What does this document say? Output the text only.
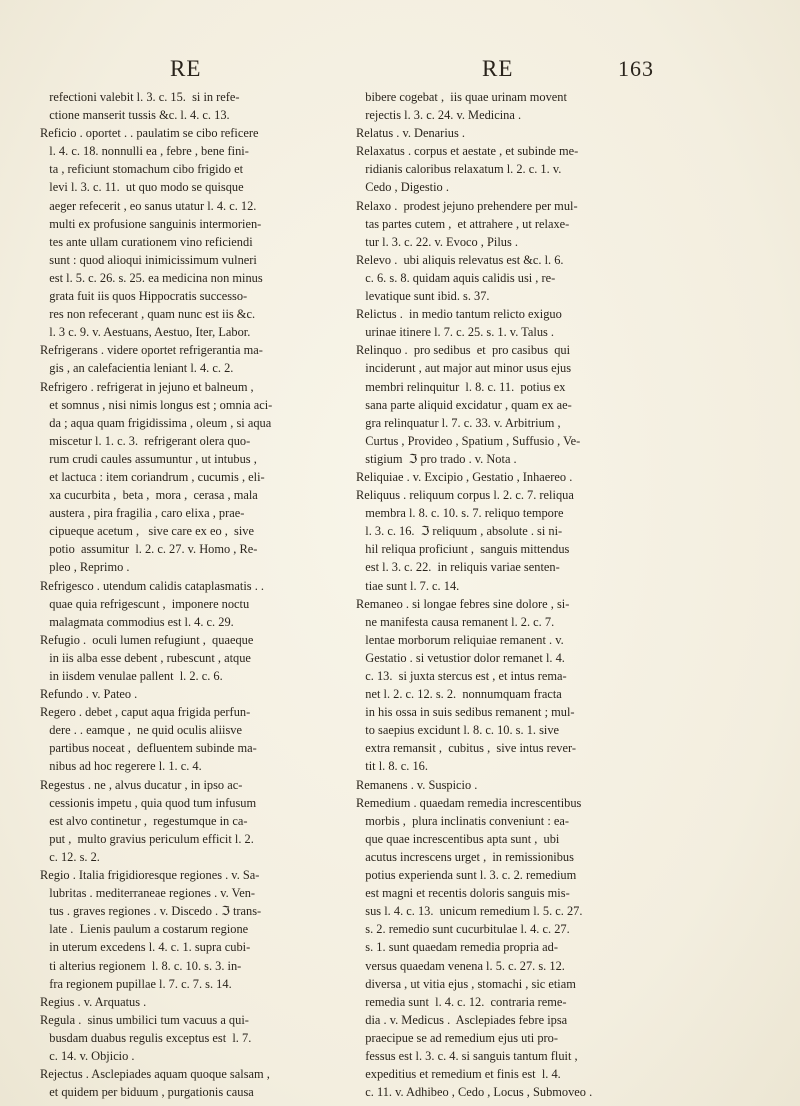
RE	RE	163
refectioni valebit l. 3. c. 15.  si in refe-
ctione manserit tussis &c. l. 4. c. 13.
Reficio . oportet . . paulatim se cibo reficere
l. 4. c. 18. nonnulli ea , febre , bene fini-
ta , reficiunt stomachum cibo frigido et
levi l. 3. c. 11.  ut quo modo se quisque
aeger refecerit , eo sanus utatur l. 4. c. 12.
multi ex profusione sanguinis intermorien-
tes ante ullam curationem vino reficiendi
sunt : quod alioqui inimicissimum vulneri
est l. 5. c. 26. s. 25. ea medicina non minus
grata fuit iis quos Hippocratis successo-
res non refecerant , quam nunc est iis &c.
l. 3 c. 9. v. Aestuans, Aestuo, Iter, Labor.
Refrigerans . videre oportet refrigerantia ma-
gis , an calefacientia leniant l. 4. c. 2.
Refrigero . refrigerat in jejuno et balneum ,
et somnus , nisi nimis longus est ; omnia aci-
da ; aqua quam frigidissima , oleum , si aqua
miscetur l. 1. c. 3.  refrigerant olera quo-
rum crudi caules assumuntur , ut intubus ,
et lactuca : item coriandrum , cucumis , eli-
xa cucurbita ,  beta ,  mora ,  cerasa , mala
austera , pira fragilia , caro elixa , prae-
cipueque acetum ,   sive care ex eo ,  sive
potio  assumitur  l. 2. c. 27. v. Homo , Re-
pleo , Reprimo .
Refrigesco . utendum calidis cataplasmatis . .
quae quia refrigescunt ,  imponere noctu
malagmata commodius est l. 4. c. 29.
Refugio .  oculi lumen refugiunt ,  quaeque
in iis alba esse debent , rubescunt , atque
in iisdem venulae pallent  l. 2. c. 6.
Refundo . v. Pateo .
Regero . debet , caput aqua frigida perfun-
dere . . eamque ,  ne quid oculis aliisve
partibus noceat ,  defluentem subinde ma-
nibus ad hoc regerere l. 1. c. 4.
Regestus . ne , alvus ducatur , in ipso ac-
cessionis impetu , quia quod tum infusum
est alvo continetur ,  regestumque in ca-
put ,  multo gravius periculum efficit l. 2.
c. 12. s. 2.
Regio . Italia frigidioresque regiones . v. Sa-
lubritas . mediterraneae regiones . v. Ven-
tus . graves regiones . v. Discedo . ℑ trans-
late .  Lienis paulum a costarum regione
in uterum excedens l. 4. c. 1. supra cubi-
ti alterius regionem  l. 8. c. 10. s. 3. in-
fra regionem pupillae l. 7. c. 7. s. 14.
Regius . v. Arquatus .
Regula .  sinus umbilici tum vacuus a qui-
busdam duabus regulis exceptus est  l. 7.
c. 14. v. Objicio .
Rejectus . Asclepiades aquam quoque salsam ,
et quidem per biduum , purgationis causa
bibere cogebat ,  iis quae urinam movent
rejectis l. 3. c. 24. v. Medicina .
Relatus . v. Denarius .
Relaxatus . corpus et aestate , et subinde me-
ridianis caloribus relaxatum l. 2. c. 1. v.
Cedo , Digestio .
Relaxo .  prodest jejuno prehendere per mul-
tas partes cutem ,  et attrahere , ut relaxe-
tur l. 3. c. 22. v. Evoco , Pilus .
Relevo .  ubi aliquis relevatus est &c. l. 6.
c. 6. s. 8. quidam aquis calidis usi , re-
levatique sunt ibid. s. 37.
Relictus .  in medio tantum relicto exiguo
urinae itinere l. 7. c. 25. s. 1. v. Talus .
Relinquo .  pro sedibus  et  pro casibus  qui
inciderunt , aut major aut minor usus ejus
membri relinquitur  l. 8. c. 11.  potius ex
sana parte aliquid excidatur , quam ex ae-
gra relinquatur l. 7. c. 33. v. Arbitrium ,
Curtus , Provideo , Spatium , Suffusio , Ve-
stigium  ℑ pro trado . v. Nota .
Reliquiae . v. Excipio , Gestatio , Inhaereo .
Reliquus . reliquum corpus l. 2. c. 7. reliqua
membra l. 8. c. 10. s. 7. reliquo tempore
l. 3. c. 16.  ℑ reliquum , absolute . si ni-
hil reliqua proficiunt ,  sanguis mittendus
est l. 3. c. 22.  in reliquis variae senten-
tiae sunt l. 7. c. 14.
Remaneo . si longae febres sine dolore , si-
ne manifesta causa remanent l. 2. c. 7.
lentae morborum reliquiae remanent . v.
Gestatio . si vetustior dolor remanet l. 4.
c. 13.  si juxta stercus est , et intus rema-
net l. 2. c. 12. s. 2.  nonnumquam fracta
in his ossa in suis sedibus remanent ; mul-
to saepius excidunt l. 8. c. 10. s. 1. sive
extra remansit ,  cubitus ,  sive intus rever-
tit l. 8. c. 16.
Remanens . v. Suspicio .
Remedium . quaedam remedia increscentibus
morbis ,  plura inclinatis conveniunt : ea-
que quae increscentibus apta sunt ,  ubi
acutus increscens urget ,  in remissionibus
potius experienda sunt l. 3. c. 2. remedium
est magni et recentis doloris sanguis mis-
sus l. 4. c. 13.  unicum remedium l. 5. c. 27.
s. 2. remedio sunt cucurbitulae l. 4. c. 27.
s. 1. sunt quaedam remedia propria ad-
versus quaedam venena l. 5. c. 27. s. 12.
diversa , ut vitia ejus , stomachi , sic etiam
remedia sunt  l. 4. c. 12.  contraria reme-
dia . v. Medicus .  Asclepiades febre ipsa
praecipue se ad remedium ejus uti pro-
fessus est l. 3. c. 4. si sanguis tantum fluit ,
expeditius et remedium et finis est  l. 4.
c. 11. v. Adhibeo , Cedo , Locus , Submoveo .
